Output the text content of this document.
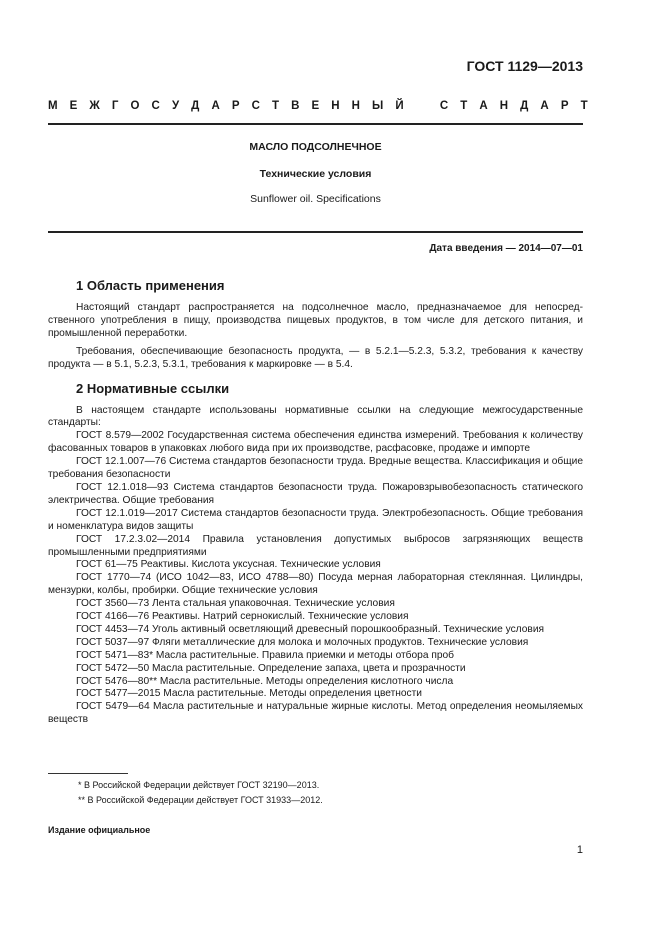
ГОСТ 1129—2013
М Е Ж Г О С У Д А Р С Т В Е Н Н Ы Й	С Т А Н Д А Р Т
МАСЛО ПОДСОЛНЕЧНОЕ
Технические условия
Sunflower oil. Specifications
Дата введения — 2014—07—01
1 Область применения

Настоящий стандарт распространяется на подсолнечное масло, предназначаемое для непосредственного употребления в пищу, производства пищевых продуктов, в том числе для детского питания, и промышленной переработки.

Требования, обеспечивающие безопасность продукта, — в 5.2.1—5.2.3, 5.3.2, требования к качеству продукта — в 5.1, 5.2.3, 5.3.1, требования к маркировке — в 5.4.

2 Нормативные ссылки

В настоящем стандарте использованы нормативные ссылки на следующие межгосударственные стандарты:

ГОСТ 8.579—2002 Государственная система обеспечения единства измерений. Требования к количеству фасованных товаров в упаковках любого вида при их производстве, расфасовке, продаже и импорте

ГОСТ 12.1.007—76 Система стандартов безопасности труда. Вредные вещества. Классификация и общие требования безопасности

ГОСТ 12.1.018—93 Система стандартов безопасности труда. Пожаровзрывобезопасность статического электричества. Общие требования

ГОСТ 12.1.019—2017 Система стандартов безопасности труда. Электробезопасность. Общие требования и номенклатура видов защиты

ГОСТ 17.2.3.02—2014 Правила установления допустимых выбросов загрязняющих веществ промышленными предприятиями

ГОСТ 61—75 Реактивы. Кислота уксусная. Технические условия

ГОСТ 1770—74 (ИСО 1042—83, ИСО 4788—80) Посуда мерная лабораторная стеклянная. Цилиндры, мензурки, колбы, пробирки. Общие технические условия

ГОСТ 3560—73 Лента стальная упаковочная. Технические условия

ГОСТ 4166—76 Реактивы. Натрий сернокислый. Технические условия

ГОСТ 4453—74 Уголь активный осветляющий древесный порошкообразный. Технические условия

ГОСТ 5037—97 Фляги металлические для молока и молочных продуктов. Технические условия

ГОСТ 5471—83* Масла растительные. Правила приемки и методы отбора проб

ГОСТ 5472—50 Масла растительные. Определение запаха, цвета и прозрачности

ГОСТ 5476—80** Масла растительные. Методы определения кислотного числа

ГОСТ 5477—2015 Масла растительные. Методы определения цветности

ГОСТ 5479—64 Масла растительные и натуральные жирные кислоты. Метод определения неомыляемых веществ

* В Российской Федерации действует ГОСТ 32190—2013.
** В Российской Федерации действует ГОСТ 31933—2012.
Издание официальное
1
